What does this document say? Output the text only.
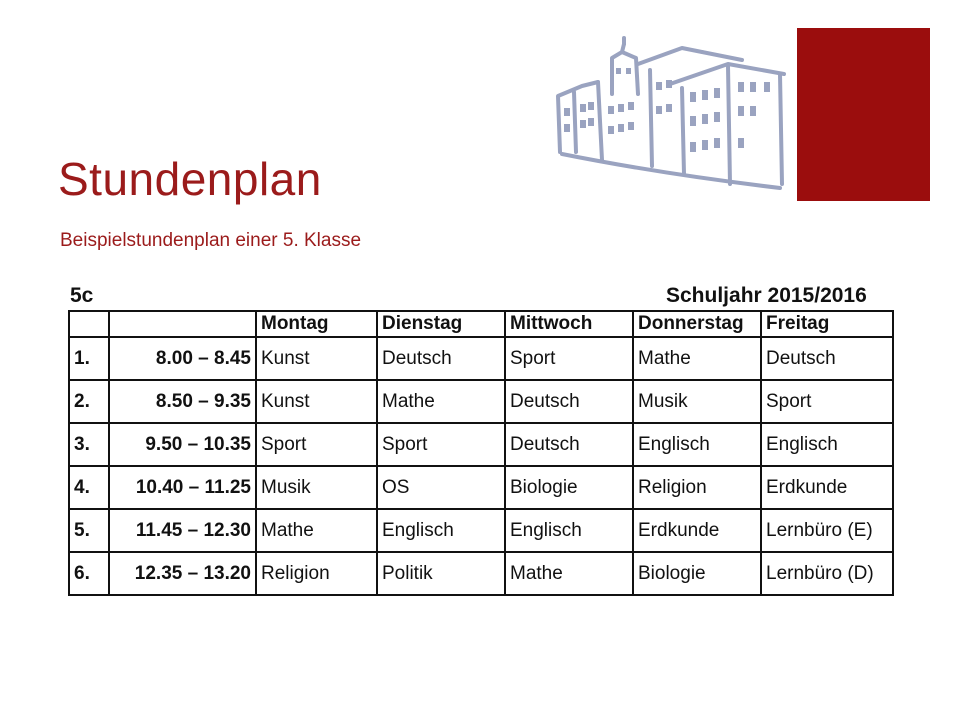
Stundenplan
Beispielstundenplan einer 5. Klasse
5c	Schuljahr 2015/2016
		Montag	Dienstag	Mittwoch	Donnerstag	Freitag
1.	8.00 – 8.45	Kunst	Deutsch	Sport	Mathe	Deutsch
2.	8.50 – 9.35	Kunst	Mathe	Deutsch	Musik	Sport
3.	9.50 – 10.35	Sport	Sport	Deutsch	Englisch	Englisch
4.	10.40 – 11.25	Musik	OS	Biologie	Religion	Erdkunde
5.	11.45 – 12.30	Mathe	Englisch	Englisch	Erdkunde	Lernbüro (E)
6.	12.35 – 13.20	Religion	Politik	Mathe	Biologie	Lernbüro (D)
